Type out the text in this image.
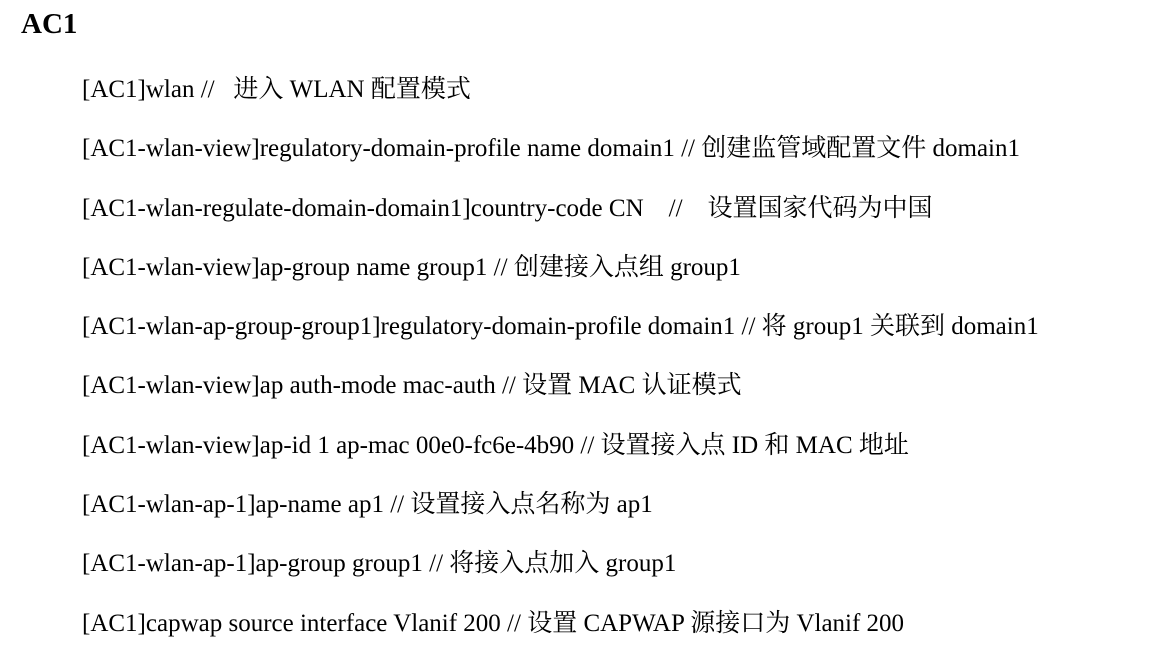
AC1
[AC1]wlan //   进入 WLAN 配置模式
[AC1-wlan-view]regulatory-domain-profile name domain1 // 创建监管域配置文件 domain1
[AC1-wlan-regulate-domain-domain1]country-code CN    //    设置国家代码为中国
[AC1-wlan-view]ap-group name group1 // 创建接入点组 group1
[AC1-wlan-ap-group-group1]regulatory-domain-profile domain1 // 将 group1 关联到 domain1
[AC1-wlan-view]ap auth-mode mac-auth // 设置 MAC 认证模式
[AC1-wlan-view]ap-id 1 ap-mac 00e0-fc6e-4b90 // 设置接入点 ID 和 MAC 地址
[AC1-wlan-ap-1]ap-name ap1 // 设置接入点名称为 ap1
[AC1-wlan-ap-1]ap-group group1 // 将接入点加入 group1
[AC1]capwap source interface Vlanif 200 // 设置 CAPWAP 源接口为 Vlanif 200
